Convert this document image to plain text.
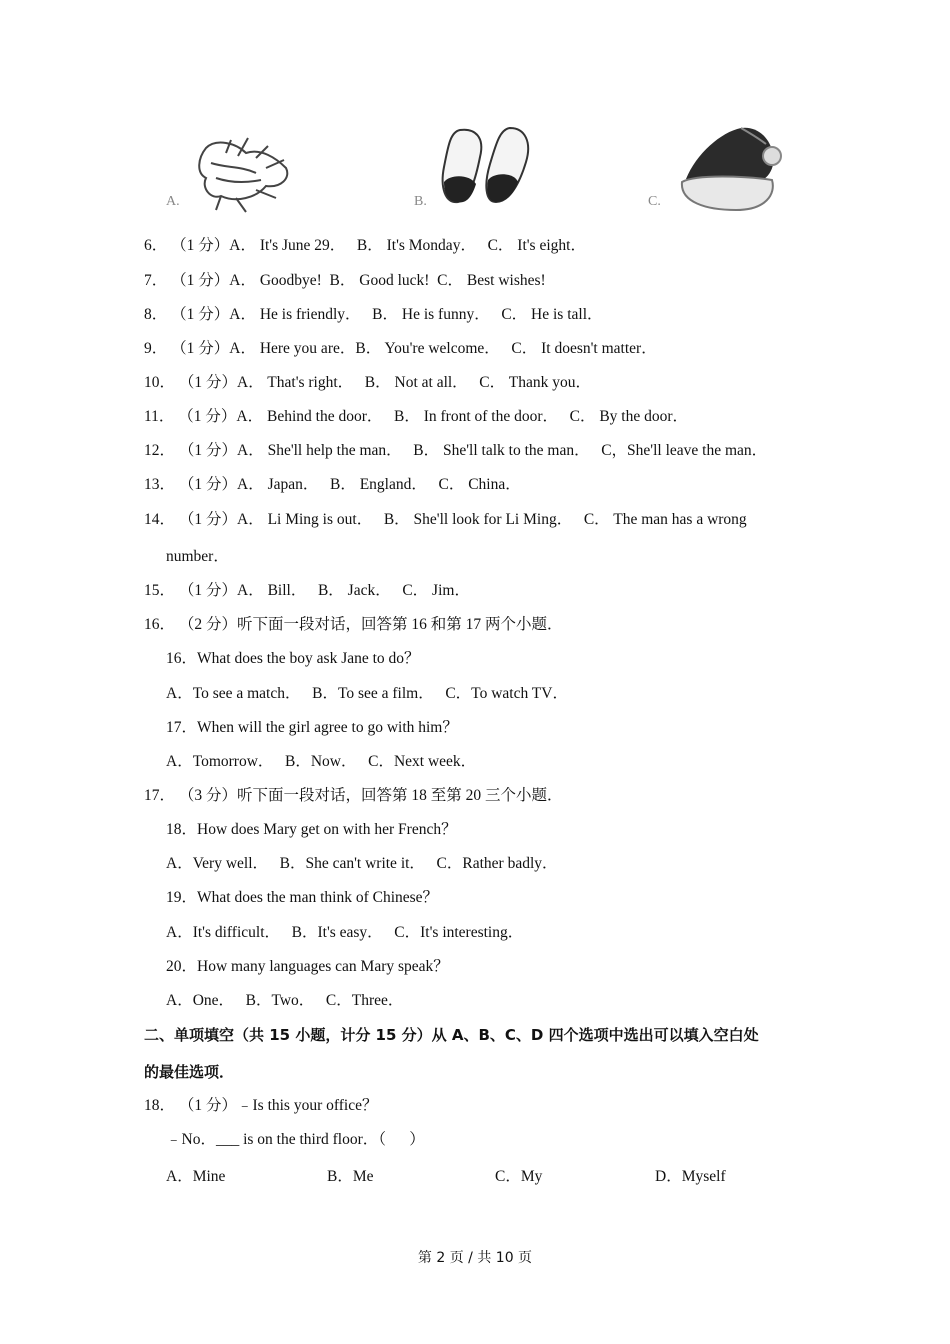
A.	B.	C.
6． （1 分）A． It's June 29．   B． It's Monday．   C． It's eight．
7． （1 分）A． Goodbye!  B． Good luck!  C． Best wishes!
8． （1 分）A． He is friendly．   B． He is funny．   C． He is tall．
9． （1 分）A． Here you are．B． You're welcome．   C． It doesn't matter．
10． （1 分）A． That's right．   B． Not at all．   C． Thank you．
11． （1 分）A． Behind the door．   B． In front of the door．   C． By the door．
12． （1 分）A． She'll help the man．   B． She'll talk to the man．   C，She'll leave the man．
13． （1 分）A． Japan．   B． England．   C． China．
14． （1 分）A． Li Ming is out．   B． She'll look for Li Ming．   C． The man has a wrong
number．
15． （1 分）A． Bill．   B． Jack．   C． Jim．
16． （2 分）听下面一段对话，回答第 16 和第 17 两个小题．
16．What does the boy ask Jane to do？
A．To see a match．   B．To see a film．   C．To watch TV．
17．When will the girl agree to go with him？
A．Tomorrow．   B．Now．   C．Next week．
17． （3 分）听下面一段对话，回答第 18 至第 20 三个小题．
18．How does Mary get on with her French？
A．Very well．   B．She can't write it．   C．Rather badly．
19．What does the man think of Chinese？
A．It's difficult．   B．It's easy．   C．It's interesting．
20．How many languages can Mary speak？
A．One．   B．Two．   C．Three．
二、单项填空（共 15 小题，计分 15 分）从 A、B、C、D 四个选项中选出可以填入空白处
的最佳选项．
18． （1 分）﹣Is this your office？
﹣No．___ is on the third floor．（      ）
A．Mine	B．Me	C．My	D．Myself
第 2 页 / 共 10 页
